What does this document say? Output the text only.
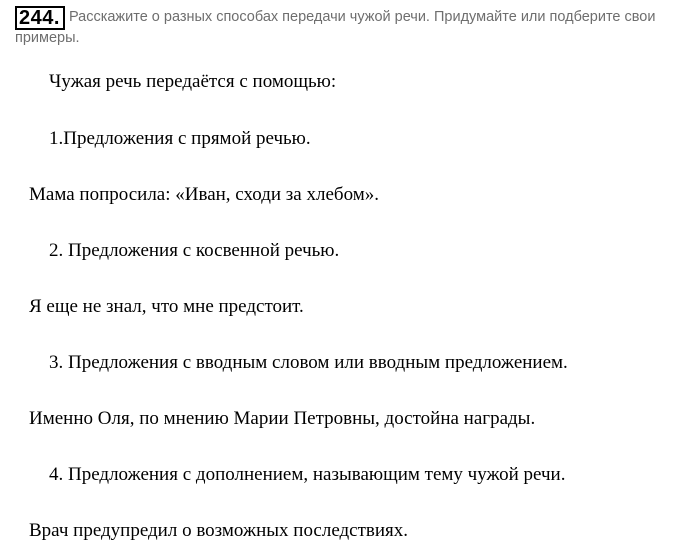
244. Расскажите о разных способах передачи чужой речи. Придумайте или подберите свои примеры.
Чужая речь передаётся с помощью:
1.Предложения с прямой речью.
Мама попросила: «Иван, сходи за хлебом».
2. Предложения с косвенной речью.
Я еще не знал, что мне предстоит.
3. Предложения с вводным словом или вводным предложением.
Именно Оля, по мнению Марии Петровны, достойна награды.
4. Предложения с дополнением, называющим тему чужой речи.
Врач предупредил о возможных последствиях.
